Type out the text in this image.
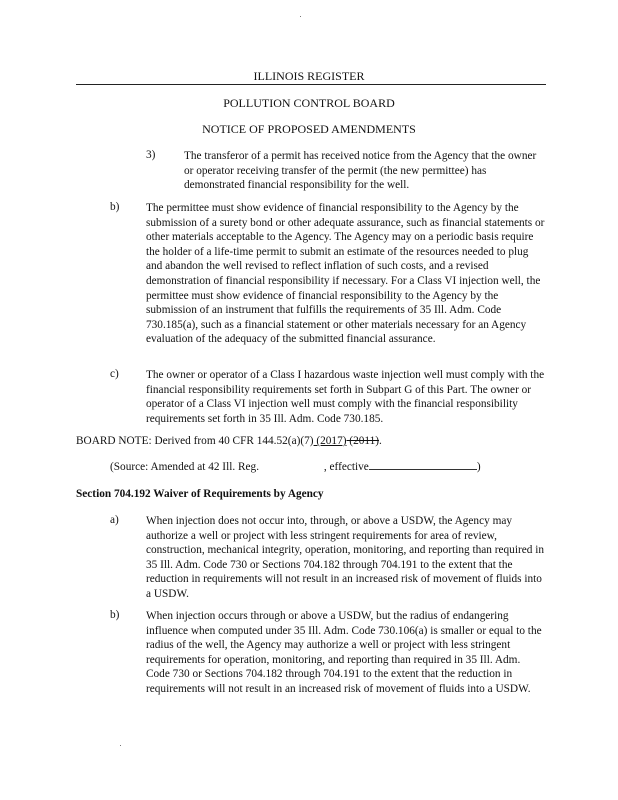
ILLINOIS REGISTER
POLLUTION CONTROL BOARD
NOTICE OF PROPOSED AMENDMENTS
3)	The transferor of a permit has received notice from the Agency that the owner or operator receiving transfer of the permit (the new permittee) has demonstrated financial responsibility for the well.
b) The permittee must show evidence of financial responsibility to the Agency by the submission of a surety bond or other adequate assurance, such as financial statements or other materials acceptable to the Agency. The Agency may on a periodic basis require the holder of a life-time permit to submit an estimate of the resources needed to plug and abandon the well revised to reflect inflation of such costs, and a revised demonstration of financial responsibility if necessary. For a Class VI injection well, the permittee must show evidence of financial responsibility to the Agency by the submission of an instrument that fulfills the requirements of 35 Ill. Adm. Code 730.185(a), such as a financial statement or other materials necessary for an Agency evaluation of the adequacy of the submitted financial assurance.
c) The owner or operator of a Class I hazardous waste injection well must comply with the financial responsibility requirements set forth in Subpart G of this Part. The owner or operator of a Class VI injection well must comply with the financial responsibility requirements set forth in 35 Ill. Adm. Code 730.185.
BOARD NOTE: Derived from 40 CFR 144.52(a)(7) (2017) (2011).
(Source: Amended at 42 Ill. Reg.	, effective	)
Section 704.192 Waiver of Requirements by Agency
a) When injection does not occur into, through, or above a USDW, the Agency may authorize a well or project with less stringent requirements for area of review, construction, mechanical integrity, operation, monitoring, and reporting than required in 35 Ill. Adm. Code 730 or Sections 704.182 through 704.191 to the extent that the reduction in requirements will not result in an increased risk of movement of fluids into a USDW.
b) When injection occurs through or above a USDW, but the radius of endangering influence when computed under 35 Ill. Adm. Code 730.106(a) is smaller or equal to the radius of the well, the Agency may authorize a well or project with less stringent requirements for operation, monitoring, and reporting than required in 35 Ill. Adm. Code 730 or Sections 704.182 through 704.191 to the extent that the reduction in requirements will not result in an increased risk of movement of fluids into a USDW.
